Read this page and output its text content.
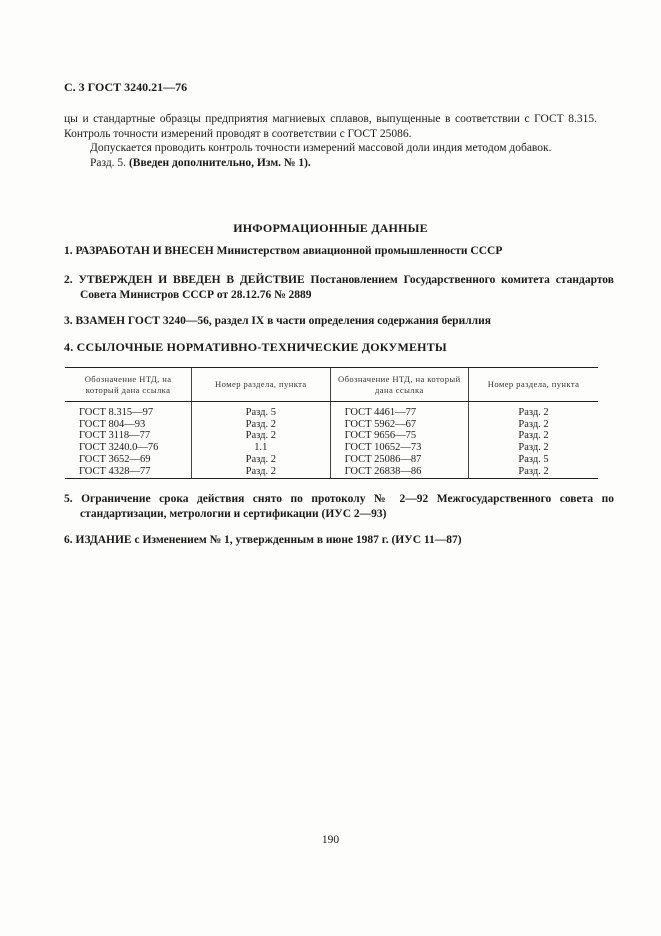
С. 3 ГОСТ 3240.21—76
цы и стандартные образцы предприятия магниевых сплавов, выпущенные в соответствии с ГОСТ 8.315. Контроль точности измерений проводят в соответствии с ГОСТ 25086.
Допускается проводить контроль точности измерений массовой доли индия методом добавок.
Разд. 5. (Введен дополнительно, Изм. № 1).
ИНФОРМАЦИОННЫЕ ДАННЫЕ
1. РАЗРАБОТАН И ВНЕСЕН Министерством авиационной промышленности СССР
2. УТВЕРЖДЕН И ВВЕДЕН В ДЕЙСТВИЕ Постановлением Государственного комитета стандартов Совета Министров СССР от 28.12.76 № 2889
3. ВЗАМЕН ГОСТ 3240—56, раздел IX в части определения содержания бериллия
4. ССЫЛОЧНЫЕ НОРМАТИВНО-ТЕХНИЧЕСКИЕ ДОКУМЕНТЫ
Обозначение НТД, на который дана ссылка	Номер раздела, пункта	Обозначение НТД, на который дана ссылка	Номер раздела, пункта
ГОСТ 8.315—97	Разд. 5	ГОСТ 4461—77	Разд. 2
ГОСТ 804—93	Разд. 2	ГОСТ 5962—67	Разд. 2
ГОСТ 3118—77	Разд. 2	ГОСТ 9656—75	Разд. 2
ГОСТ 3240.0—76	1.1	ГОСТ 10652—73	Разд. 2
ГОСТ 3652—69	Разд. 2	ГОСТ 25086—87	Разд. 5
ГОСТ 4328—77	Разд. 2	ГОСТ 26838—86	Разд. 2
5. Ограничение срока действия снято по протоколу № 2—92 Межгосударственного совета по стандартизации, метрологии и сертификации (ИУС 2—93)
6. ИЗДАНИЕ с Изменением № 1, утвержденным в июне 1987 г. (ИУС 11—87)
190
